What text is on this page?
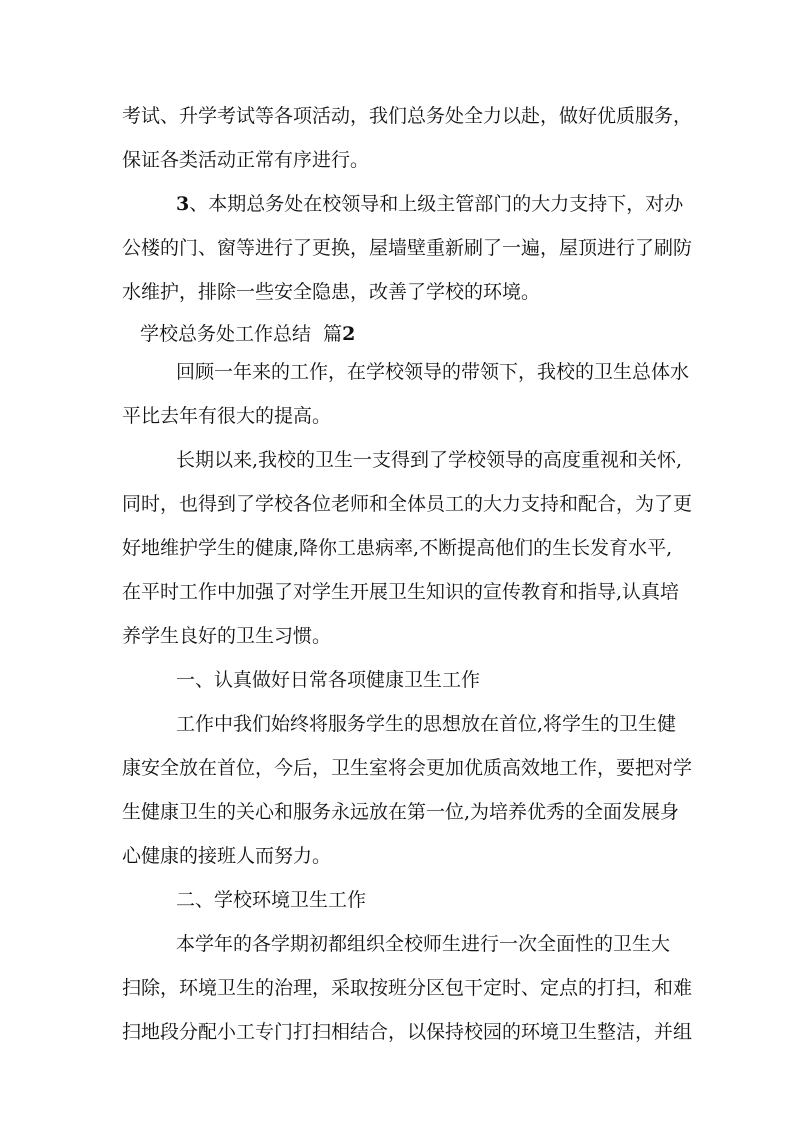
考试、升学考试等各项活动，我们总务处全力以赴，做好优质服务，
保证各类活动正常有序进行。
3、本期总务处在校领导和上级主管部门的大力支持下，对办
公楼的门、窗等进行了更换，屋墙壁重新刷了一遍，屋顶进行了刷防
水维护，排除一些安全隐患，改善了学校的环境。
学校总务处工作总结 篇2
回顾一年来的工作，在学校领导的带领下，我校的卫生总体水
平比去年有很大的提高。
长期以来,我校的卫生一支得到了学校领导的高度重视和关怀,
同时，也得到了学校各位老师和全体员工的大力支持和配合，为了更
好地维护学生的健康,降你工患病率,不断提高他们的生长发育水平,
在平时工作中加强了对学生开展卫生知识的宣传教育和指导,认真培
养学生良好的卫生习惯。
一、认真做好日常各项健康卫生工作
工作中我们始终将服务学生的思想放在首位,将学生的卫生健
康安全放在首位，今后，卫生室将会更加优质高效地工作，要把对学
生健康卫生的关心和服务永远放在第一位,为培养优秀的全面发展身
心健康的接班人而努力。
二、学校环境卫生工作
本学年的各学期初都组织全校师生进行一次全面性的卫生大
扫除，环境卫生的治理，采取按班分区包干定时、定点的打扫，和难
扫地段分配小工专门打扫相结合，以保持校园的环境卫生整洁，并组
